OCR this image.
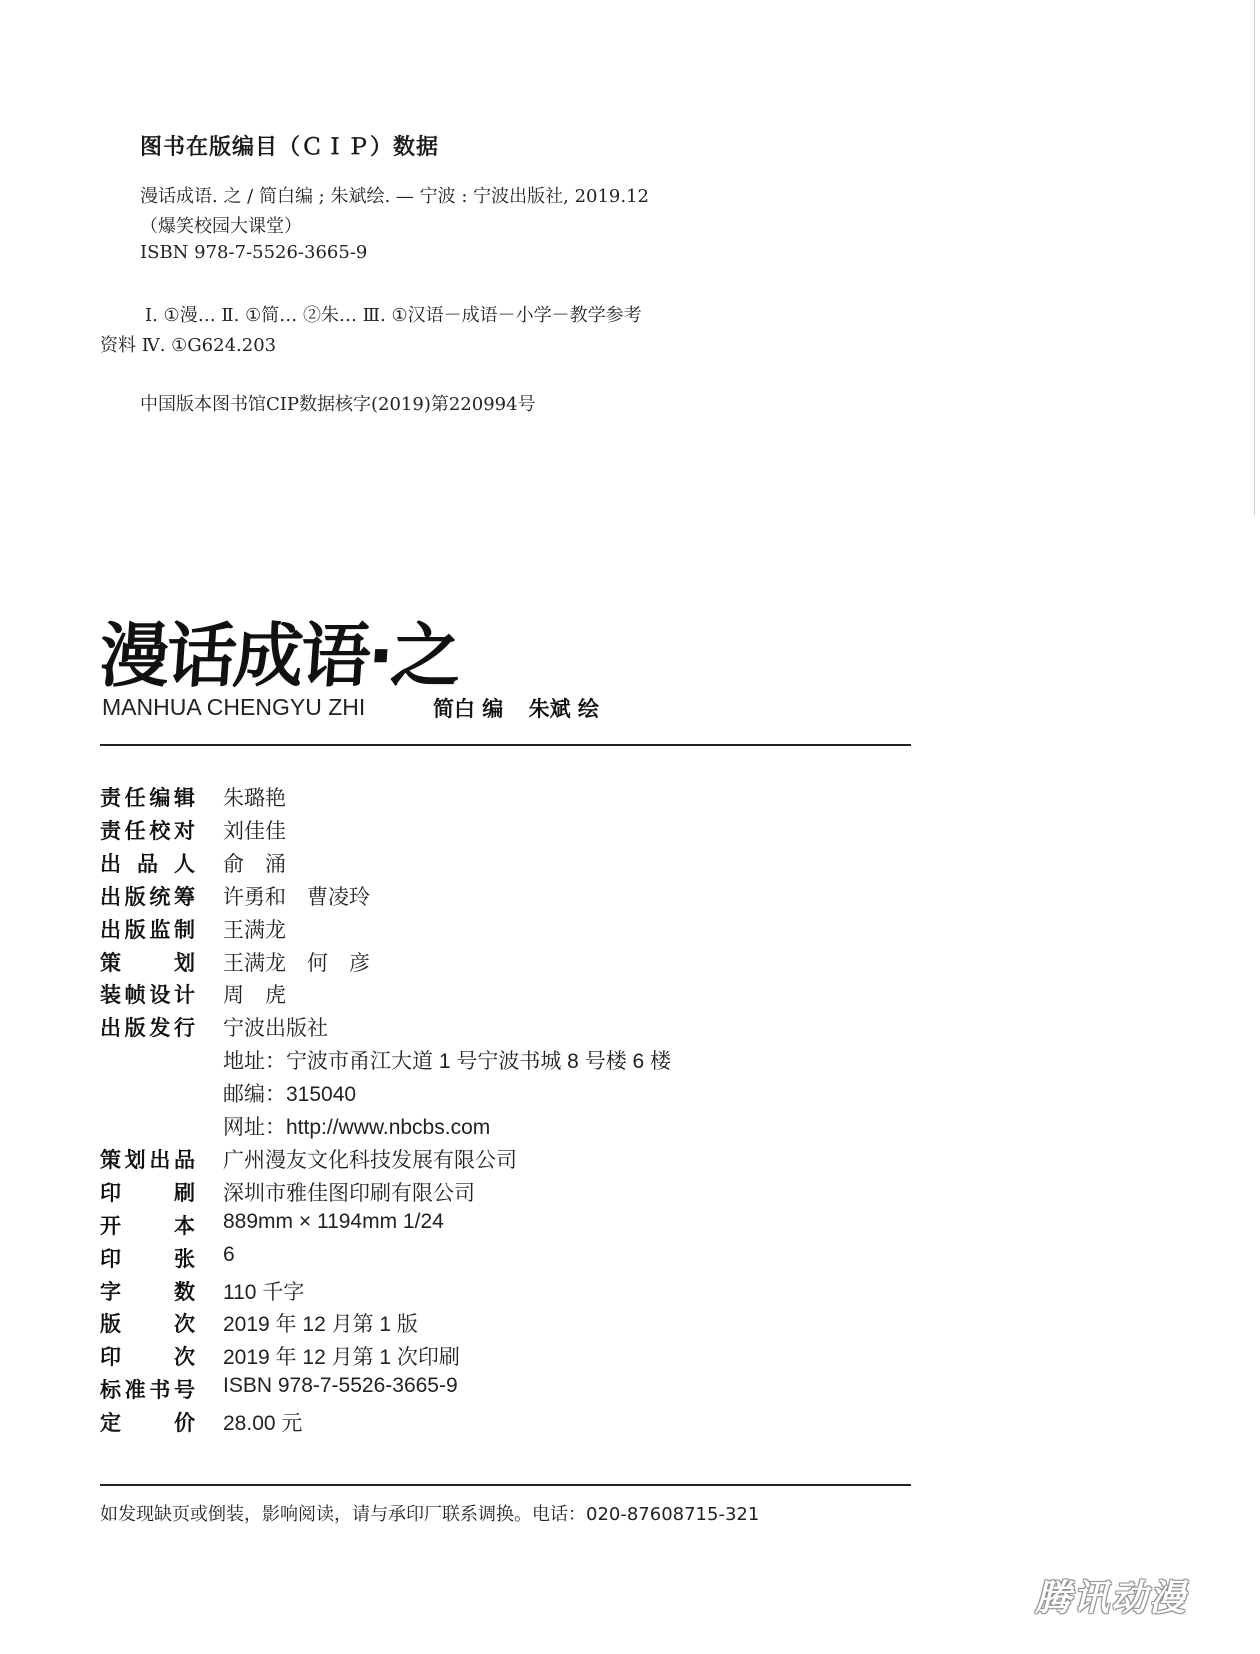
图书在版编目（ＣＩＰ）数据
漫话成语. 之 / 简白编 ; 朱斌绘. — 宁波 : 宁波出版社, 2019.12
（爆笑校园大课堂）
ISBN 978-7-5526-3665-9
Ⅰ. ①漫… Ⅱ. ①简… ②朱… Ⅲ. ①汉语－成语－小学－教学参考
资料 Ⅳ. ①G624.203
中国版本图书馆CIP数据核字(2019)第220994号
漫话成语·之
MANHUA CHENGYU ZHI	简白 编 朱斌 绘
责 任 编 辑 朱璐艳
责 任 校 对 刘佳佳
出 品 人 俞　涌
出 版 统 筹 许勇和　曹凌玲
出 版 监 制 王满龙
策	划 王满龙　何　彦
装 帧 设 计 周　虎
出 版 发 行 宁波出版社
地址：宁波市甬江大道 1 号宁波书城 8 号楼 6 楼
邮编：315040
网址：http://www.nbcbs.com
策 划 出 品 广州漫友文化科技发展有限公司
印	刷 深圳市雅佳图印刷有限公司
开	本 889mm × 1194mm 1/24
印	张 6
字	数 110 千字
版	次 2019 年 12 月第 1 版
印	次 2019 年 12 月第 1 次印刷
标 准 书 号 ISBN 978-7-5526-3665-9
定	价 28.00 元
如发现缺页或倒装，影响阅读，请与承印厂联系调换。电话：020-87608715-321
腾讯动漫
